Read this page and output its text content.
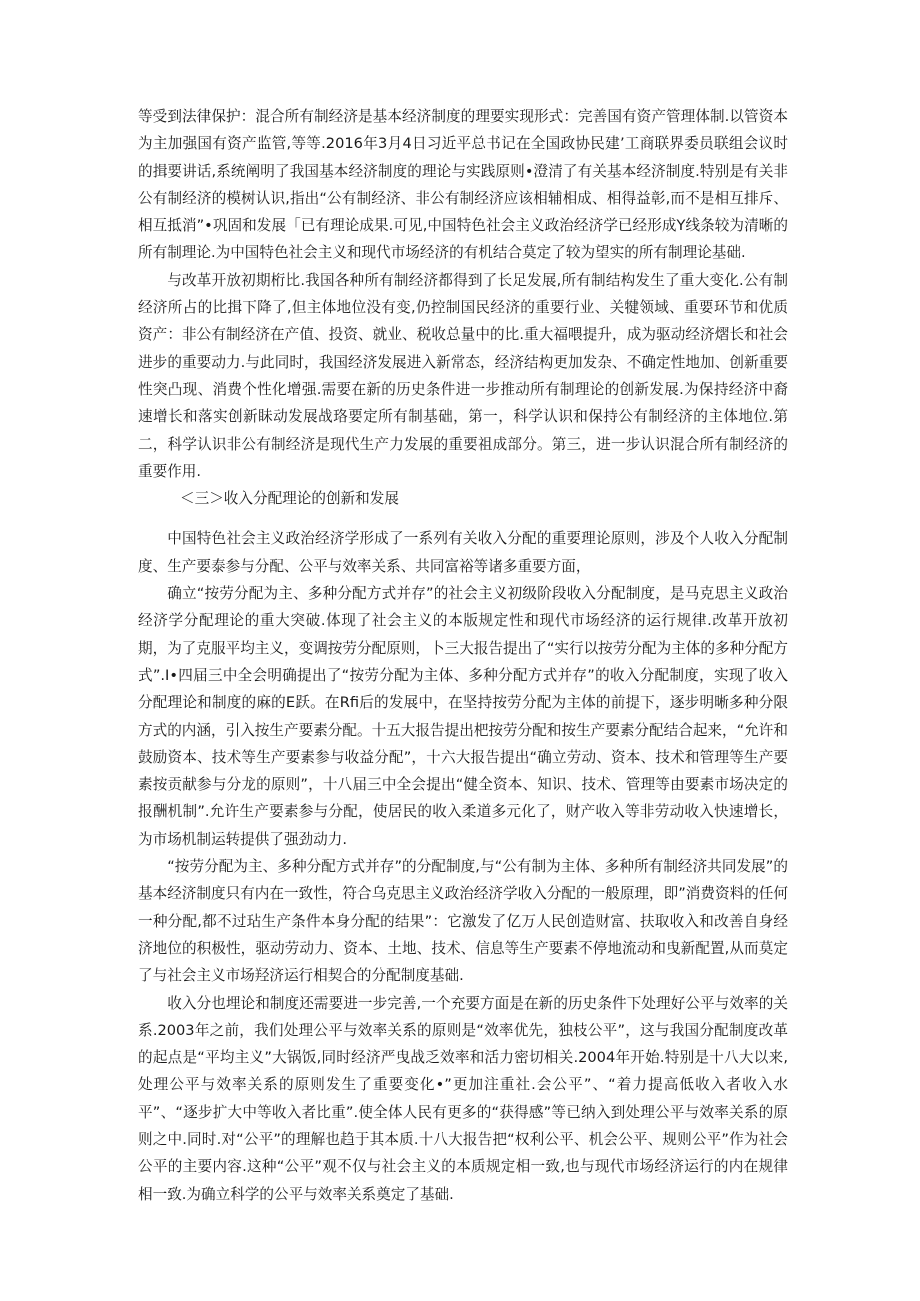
等受到法律保护：混合所有制经济是基本经济制度的理要实现形式：完善国有资产管理体制.以管资本为主加强国有资产监管,等等.2016年3月4日习近平总书记在全国政协民建’工商联界委员联组会议时的揖要讲话,系统阐明了我国基本经济制度的理论与实践原则•澄清了有关基本经济制度.特别是有关非公有制经济的模树认识,指出“公有制经济、非公有制经济应该相辅相成、相得益彰,而不是相互排斥、相互抵消”•巩固和发展「已有理论成果.可见,中国特色社会主义政治经济学已经形成Y线条较为清晰的所有制理论.为中国特色社会主义和现代市场经济的有机结合莫定了较为望实的所有制理论基础.

与改革开放初期桁比.我国各种所有制经济都得到了长足发展,所有制结构发生了重大变化.公有制经济所占的比揖下降了,但主体地位没有变,仍控制国民经济的重要行业、关犍领域、重要环节和优质资产：非公有制经济在产值、投资、就业、税收总量中的比.重大福喂提升，成为驱动经济熠长和社会进步的重要动力.与此同时，我国经济发展进入新常态，经济结构更加发杂、不确定性地加、创新重要性突凸现、消费个性化增强.需要在新的历史条件进一步推动所有制理论的创新发展.为保持经济中裔速增长和落实创新眛动发展战珞要定所有制基础，第一，科学认识和保持公有制经济的主体地位.第二，科学认识非公有制经济是现代生产力发展的重要祖成部分。第三，进一步认识混合所有制经济的重要作用.

＜三＞收入分配理论的创新和发展

中国特色社会主义政治经济学形成了一系列有关收入分配的重要理论原则，涉及个人收入分配制度、生产要泰参与分配、公平与效率关系、共同富裕等诸多重要方面，

确立“按劳分配为主、多种分配方式并存”的社会主义初级阶段收入分配制度，是马克思主义政治经济学分配理论的重大突破.体现了社会主义的本版规定性和现代市场经济的运行规律.改革开放初期，为了克服平均主义，变调按劳分配原则，卜三大报告提出了“实行以按劳分配为主体的多种分配方式”.I•四届三中全会明确提出了“按劳分配为主体、多种分配方式并存”的收入分配制度，实现了收入分配理论和制度的麻的E跃。在Rfi后的发展中，在坚持按劳分配为主体的前提下，逐步明晰多种分限方式的内涵，引入按生产要素分配。十五大报告提出杷按劳分配和按生产要素分配结合起来，“允许和鼓励资本、技术等生产要素参与收益分配”，十六大报告提出“确立劳动、资本、技术和管理等生产要素按贡献参与分龙的原则”，十八届三中全会提出“健全资本、知识、技术、管理等由要素市场决定的报酬机制”.允许生产要素参与分配，使居民的收入柔道多元化了，财产收入等非劳动收入快速增长，为市场机制运转提供了强劲动力.

“按劳分配为主、多种分配方式并存”的分配制度,与“公有制为主体、多种所有制经济共同发展”的基本经济制度只有内在一致性，符合乌克思主义政治经济学收入分配的一般原理，即”消费资料的任何一种分配,都不过玷生产条件本身分配的结果”：它激发了亿万人民创造财富、扶取收入和改善自身经济地位的积极性，驱动劳动力、资本、土地、技术、信息等生产要素不停地流动和曳新配置,从而莫定了与社会主义市场羟济运行相契合的分配制度基础.

收入分也埋论和制度还需要进一步完善,一个充要方面是在新的历史条件下处理好公平与效率的关系.2003年之前，我们处理公平与效率关系的原则是“效率优先，独枝公平”，这与我国分配制度改革的起点是“平均主义”大锅饭,同时经济严曳战乏效率和活力密切相关.2004年开始.特别是十八大以来,处理公平与效率关系的原则发生了重要变化•”更加注重社.会公平”、“着力提高低收入者收入水平”、“逐步扩大中等收入者比重”.使全体人民有更多的“获得感”等已纳入到处理公平与效率关系的原则之中.同时.对“公平”的理解也趋于其本质.十八大报告把“权利公平、机会公平、规则公平”作为社会公平的主要内容.这种“公平”观不仅与社会主义的本质规定相一致,也与现代市场经济运行的内在规律相一致.为确立科学的公平与效率关系奠定了基础.
